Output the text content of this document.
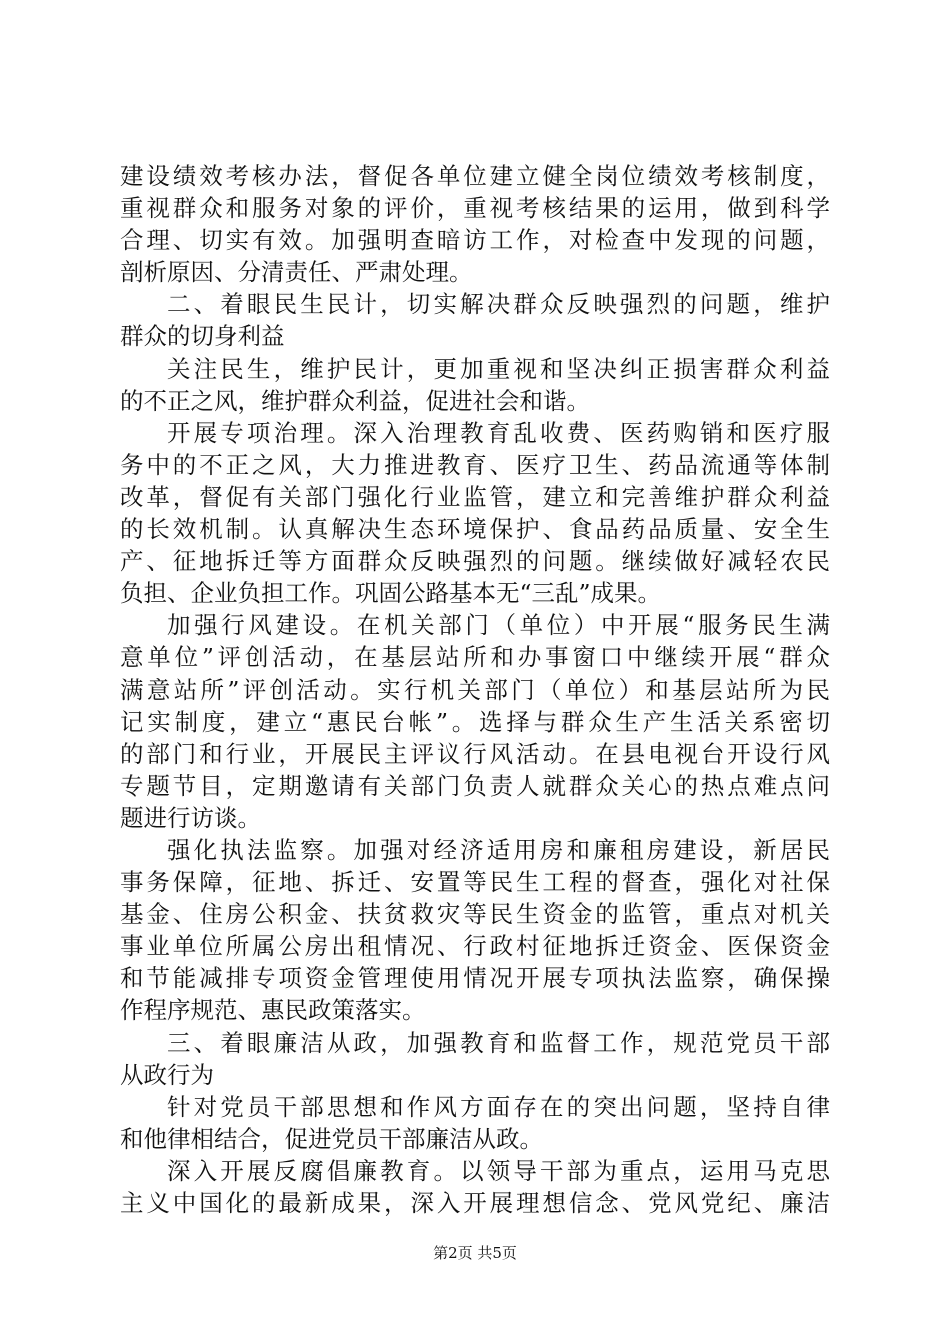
建设绩效考核办法，督促各单位建立健全岗位绩效考核制度，
重视群众和服务对象的评价，重视考核结果的运用，做到科学
合理、切实有效。加强明查暗访工作，对检查中发现的问题，
剖析原因、分清责任、严肃处理。
二、着眼民生民计，切实解决群众反映强烈的问题，维护
群众的切身利益
关注民生，维护民计，更加重视和坚决纠正损害群众利益
的不正之风，维护群众利益，促进社会和谐。
开展专项治理。深入治理教育乱收费、医药购销和医疗服
务中的不正之风，大力推进教育、医疗卫生、药品流通等体制
改革，督促有关部门强化行业监管，建立和完善维护群众利益
的长效机制。认真解决生态环境保护、食品药品质量、安全生
产、征地拆迁等方面群众反映强烈的问题。继续做好减轻农民
负担、企业负担工作。巩固公路基本无“三乱”成果。
加强行风建设。在机关部门（单位）中开展“服务民生满
意单位”评创活动，在基层站所和办事窗口中继续开展“群众
满意站所”评创活动。实行机关部门（单位）和基层站所为民
记实制度，建立“惠民台帐”。选择与群众生产生活关系密切
的部门和行业，开展民主评议行风活动。在县电视台开设行风
专题节目，定期邀请有关部门负责人就群众关心的热点难点问
题进行访谈。
强化执法监察。加强对经济适用房和廉租房建设，新居民
事务保障，征地、拆迁、安置等民生工程的督查，强化对社保
基金、住房公积金、扶贫救灾等民生资金的监管，重点对机关
事业单位所属公房出租情况、行政村征地拆迁资金、医保资金
和节能减排专项资金管理使用情况开展专项执法监察，确保操
作程序规范、惠民政策落实。
三、着眼廉洁从政，加强教育和监督工作，规范党员干部
从政行为
针对党员干部思想和作风方面存在的突出问题，坚持自律
和他律相结合，促进党员干部廉洁从政。
深入开展反腐倡廉教育。以领导干部为重点，运用马克思
主义中国化的最新成果，深入开展理想信念、党风党纪、廉洁
第2页 共5页
